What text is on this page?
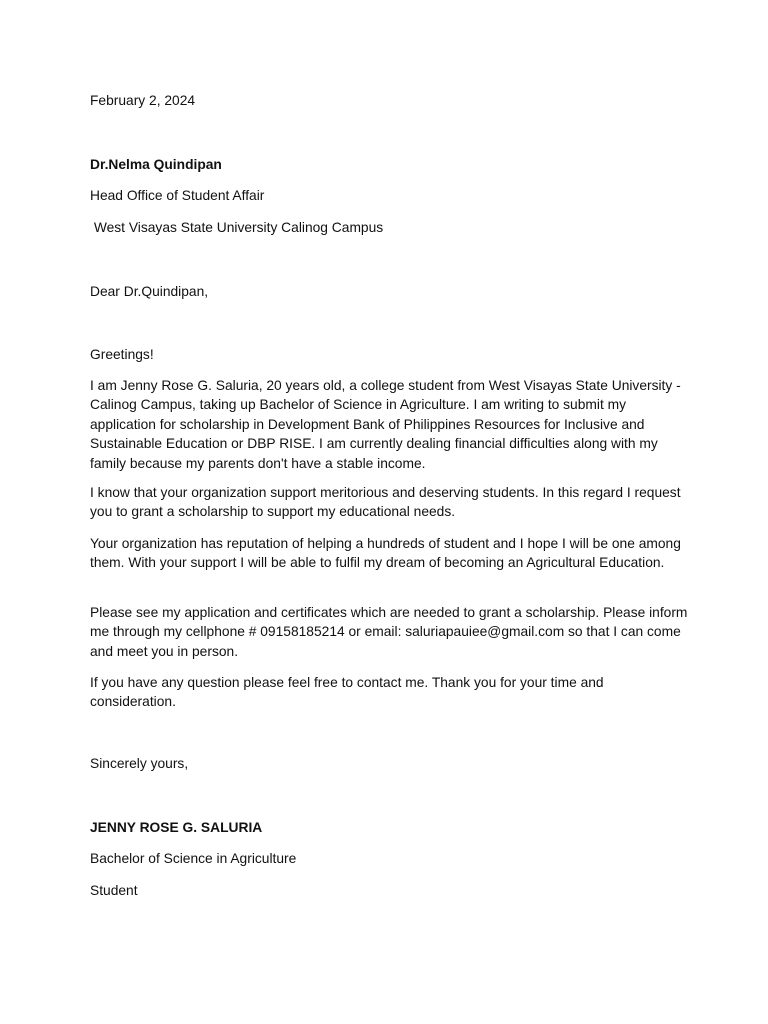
February 2, 2024
Dr.Nelma Quindipan
Head Office of Student Affair
West Visayas State University Calinog Campus
Dear Dr.Quindipan,
Greetings!
I am Jenny Rose G. Saluria, 20 years old, a college student from West Visayas State University - Calinog Campus, taking up Bachelor of Science in Agriculture. I am writing to submit my application for scholarship in Development Bank of Philippines Resources for Inclusive and Sustainable Education or DBP RISE. I am currently dealing financial difficulties along with my family because my parents don't have a stable income.
I know that your organization support meritorious and deserving students. In this regard I request you to grant a scholarship to support my educational needs.
Your organization has reputation of helping a hundreds of student and I hope I will be one among them. With your support I will be able to fulfil my dream of becoming an Agricultural Education.
Please see my application and certificates which are needed to grant a scholarship. Please inform me through my cellphone # 09158185214 or email: saluriapauiee@gmail.com so that I can come and meet you in person.
If you have any question please feel free to contact me. Thank you for your time and consideration.
Sincerely yours,
JENNY ROSE G. SALURIA
Bachelor of Science in Agriculture
Student
